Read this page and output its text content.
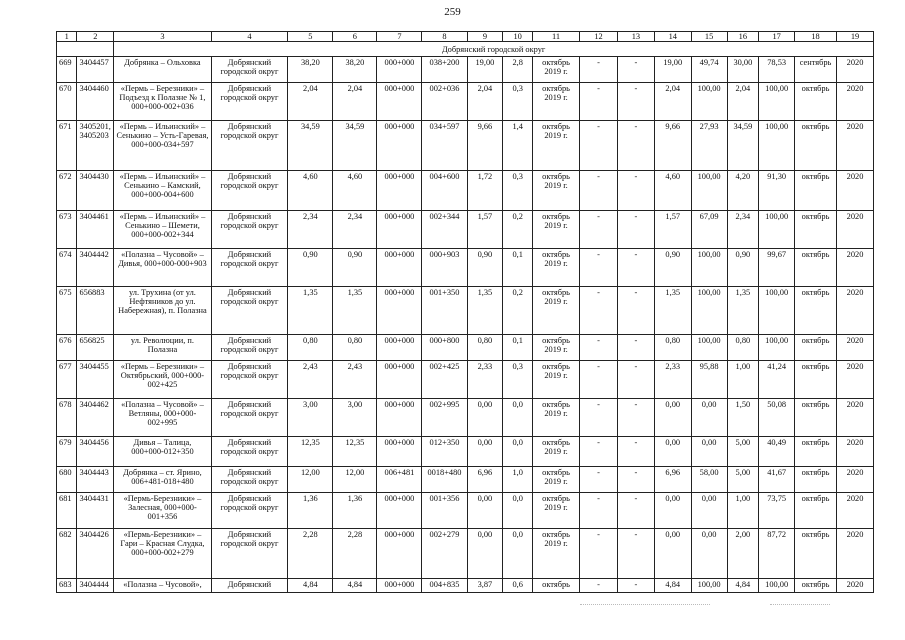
259
1	2	3	4	5	6	7	8	9	10	11	12	13	14	15	16	17	18	19
		Добрянский городской округ																
669	3404457	Добрянка – Ольховка	Добрянский городской округ	38,20	38,20	000+000	038+200	19,00	2,8	октябрь 2019 г.	-	-	19,00	49,74	30,00	78,53	сентябрь	2020
670	3404460	«Пермь – Березники» – Подъезд к Полазне № 1, 000+000-002+036	Добрянский городской округ	2,04	2,04	000+000	002+036	2,04	0,3	октябрь 2019 г.	-	-	2,04	100,00	2,04	100,00	октябрь	2020
671	3405201, 3405203	«Пермь – Ильинский» – Сенькино – Усть-Гаревая, 000+000-034+597	Добрянский городской округ	34,59	34,59	000+000	034+597	9,66	1,4	октябрь 2019 г.	-	-	9,66	27,93	34,59	100,00	октябрь	2020
672	3404430	«Пермь – Ильинский» – Сенькино – Камский, 000+000-004+600	Добрянский городской округ	4,60	4,60	000+000	004+600	1,72	0,3	октябрь 2019 г.	-	-	4,60	100,00	4,20	91,30	октябрь	2020
673	3404461	«Пермь – Ильинский» – Сенькино – Шемети, 000+000-002+344	Добрянский городской округ	2,34	2,34	000+000	002+344	1,57	0,2	октябрь 2019 г.	-	-	1,57	67,09	2,34	100,00	октябрь	2020
674	3404442	«Полазна – Чусовой» – Дивья, 000+000-000+903	Добрянский городской округ	0,90	0,90	000+000	000+903	0,90	0,1	октябрь 2019 г.	-	-	0,90	100,00	0,90	99,67	октябрь	2020
675	656883	ул. Трухина (от ул. Нефтяников до ул. Набережная), п. Полазна	Добрянский городской округ	1,35	1,35	000+000	001+350	1,35	0,2	октябрь 2019 г.	-	-	1,35	100,00	1,35	100,00	октябрь	2020
676	656825	ул. Революции, п. Полазна	Добрянский городской округ	0,80	0,80	000+000	000+800	0,80	0,1	октябрь 2019 г.	-	-	0,80	100,00	0,80	100,00	октябрь	2020
677	3404455	«Пермь – Березники» – Октябрьский, 000+000-002+425	Добрянский городской округ	2,43	2,43	000+000	002+425	2,33	0,3	октябрь 2019 г.	-	-	2,33	95,88	1,00	41,24	октябрь	2020
678	3404462	«Полазна – Чусовой» – Ветляны, 000+000-002+995	Добрянский городской округ	3,00	3,00	000+000	002+995	0,00	0,0	октябрь 2019 г.	-	-	0,00	0,00	1,50	50,08	октябрь	2020
679	3404456	Дивья – Талица, 000+000-012+350	Добрянский городской округ	12,35	12,35	000+000	012+350	0,00	0,0	октябрь 2019 г.	-	-	0,00	0,00	5,00	40,49	октябрь	2020
680	3404443	Добрянка – ст. Ярино, 006+481-018+480	Добрянский городской округ	12,00	12,00	006+481	0018+480	6,96	1,0	октябрь 2019 г.	-	-	6,96	58,00	5,00	41,67	октябрь	2020
681	3404431	«Пермь-Березники» – Залесная, 000+000-001+356	Добрянский городской округ	1,36	1,36	000+000	001+356	0,00	0,0	октябрь 2019 г.	-	-	0,00	0,00	1,00	73,75	октябрь	2020
682	3404426	«Пермь-Березники» – Гари – Красная Слудка, 000+000-002+279	Добрянский городской округ	2,28	2,28	000+000	002+279	0,00	0,0	октябрь 2019 г.	-	-	0,00	0,00	2,00	87,72	октябрь	2020
683	3404444	«Полазна – Чусовой»,	Добрянский	4,84	4,84	000+000	004+835	3,87	0,6	октябрь	-	-	4,84	100,00	4,84	100,00	октябрь	2020
